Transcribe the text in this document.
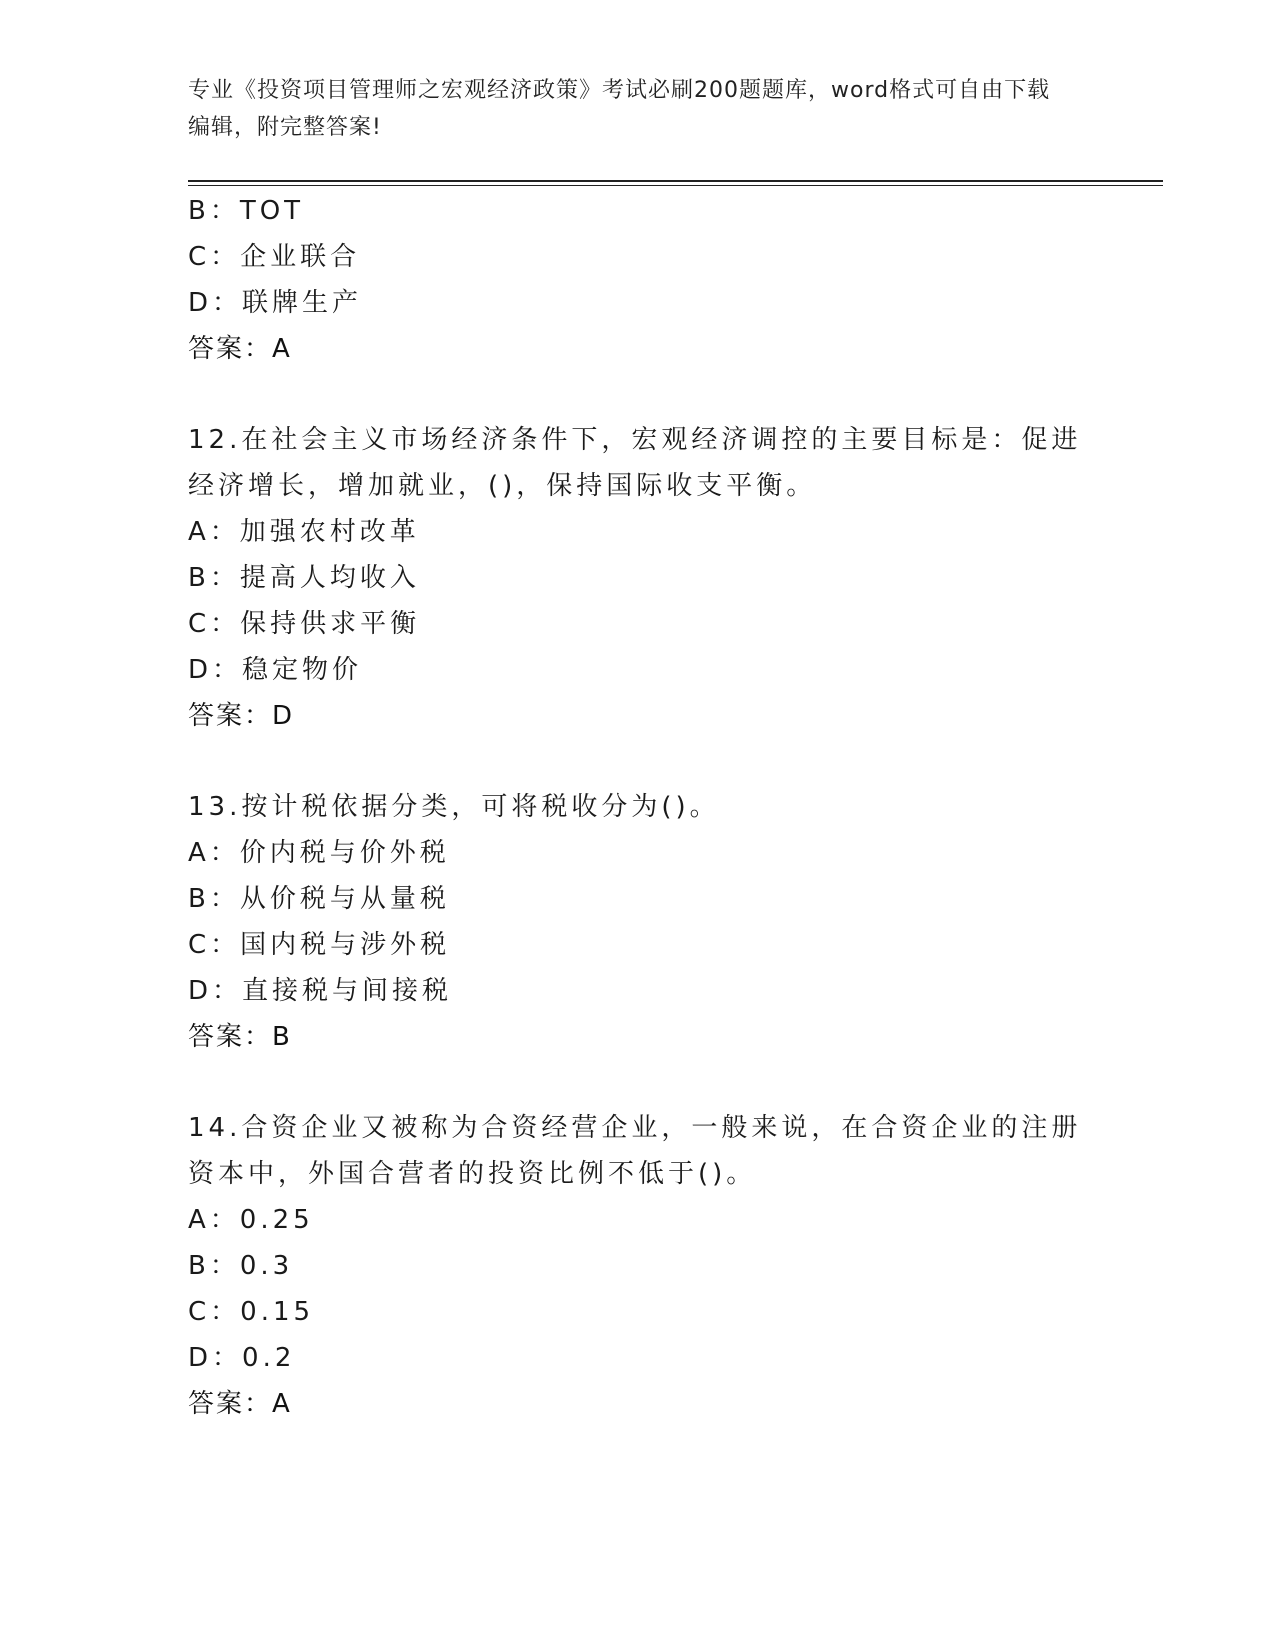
专业《投资项目管理师之宏观经济政策》考试必刷200题题库，word格式可自由下载编辑，附完整答案!
B：TOT
C：企业联合
D：联牌生产
答案：A
12.在社会主义市场经济条件下，宏观经济调控的主要目标是：促进经济增长，增加就业，()，保持国际收支平衡。
A：加强农村改革
B：提高人均收入
C：保持供求平衡
D：稳定物价
答案：D
13.按计税依据分类，可将税收分为()。
A：价内税与价外税
B：从价税与从量税
C：国内税与涉外税
D：直接税与间接税
答案：B
14.合资企业又被称为合资经营企业，一般来说，在合资企业的注册资本中，外国合营者的投资比例不低于()。
A：0.25
B：0.3
C：0.15
D：0.2
答案：A
